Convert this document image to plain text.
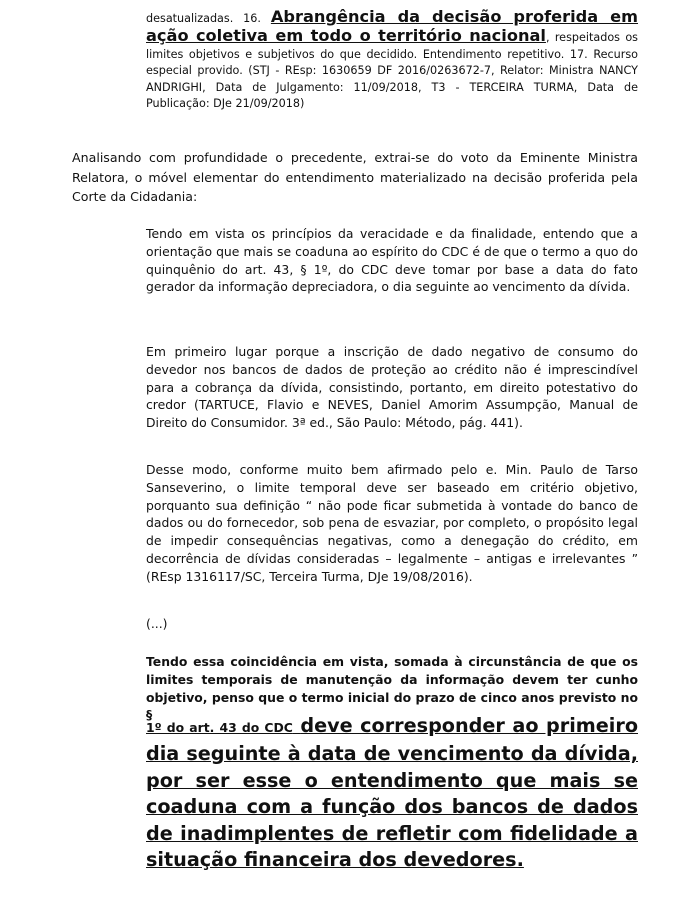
desatualizadas. 16. Abrangência da decisão proferida em ação coletiva em todo o território nacional, respeitados os limites objetivos e subjetivos do que decidido. Entendimento repetitivo. 17. Recurso especial provido. (STJ - REsp: 1630659 DF 2016/0263672-7, Relator: Ministra NANCY ANDRIGHI, Data de Julgamento: 11/09/2018, T3 - TERCEIRA TURMA, Data de Publicação: DJe 21/09/2018)

Analisando com profundidade o precedente, extrai-se do voto da Eminente Ministra Relatora, o móvel elementar do entendimento materializado na decisão proferida pela Corte da Cidadania:

Tendo em vista os princípios da veracidade e da finalidade, entendo que a orientação que mais se coaduna ao espírito do CDC é de que o termo a quo do quinquênio do art. 43, § 1º, do CDC deve tomar por base a data do fato gerador da informação depreciadora, o dia seguinte ao vencimento da dívida.

Em primeiro lugar porque a inscrição de dado negativo de consumo do devedor nos bancos de dados de proteção ao crédito não é imprescindível para a cobrança da dívida, consistindo, portanto, em direito potestativo do credor (TARTUCE, Flavio e NEVES, Daniel Amorim Assumpção, Manual de Direito do Consumidor. 3ª ed., São Paulo: Método, pág. 441).

Desse modo, conforme muito bem afirmado pelo e. Min. Paulo de Tarso Sanseverino, o limite temporal deve ser baseado em critério objetivo, porquanto sua definição “ não pode ficar submetida à vontade do banco de dados ou do fornecedor, sob pena de esvaziar, por completo, o propósito legal de impedir consequências negativas, como a denegação do crédito, em decorrência de dívidas consideradas – legalmente – antigas e irrelevantes ” (REsp 1316117/SC, Terceira Turma, DJe 19/08/2016).

(...)

Tendo essa coincidência em vista, somada à circunstância de que os limites temporais de manutenção da informação devem ter cunho objetivo, penso que o termo inicial do prazo de cinco anos previsto no §

1º do art. 43 do CDC deve corresponder ao primeiro dia seguinte à data de vencimento da dívida, por ser esse o entendimento que mais se coaduna com a função dos bancos de dados de inadimplentes de refletir com fidelidade a situação financeira dos devedores.
